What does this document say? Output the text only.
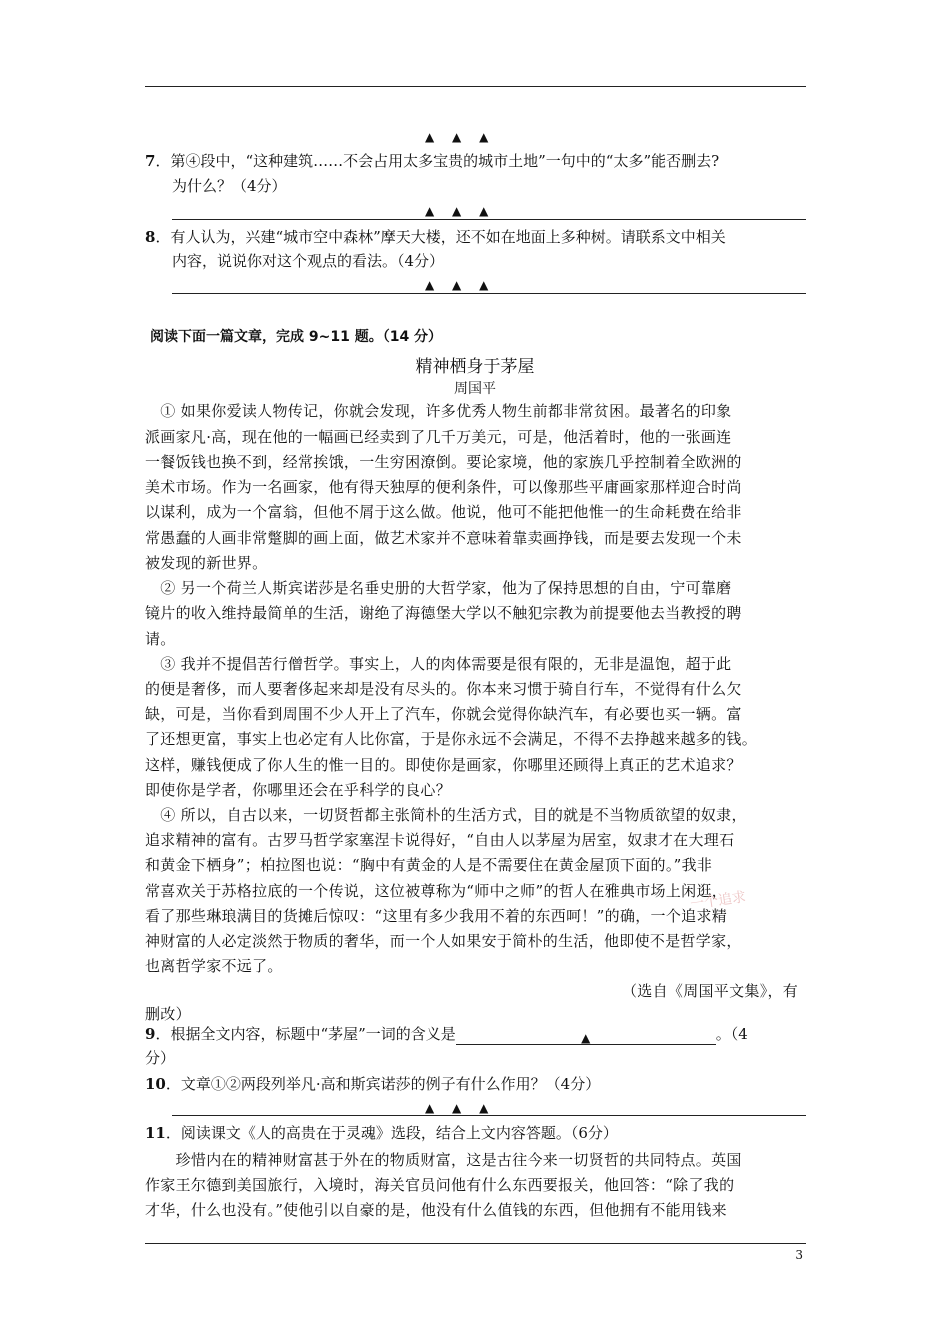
▲ ▲ ▲
7．第④段中，“这种建筑……不会占用太多宝贵的城市土地”一句中的“太多”能否删去?
为什么？（4分）
▲ ▲ ▲
8．有人认为，兴建“城市空中森林”摩天大楼，还不如在地面上多种树。请联系文中相关
内容，说说你对这个观点的看法。（4分）
▲ ▲ ▲
阅读下面一篇文章，完成 9~11 题。（14 分）
精神栖身于茅屋
周国平
　① 如果你爱读人物传记，你就会发现，许多优秀人物生前都非常贫困。最著名的印象
派画家凡·高，现在他的一幅画已经卖到了几千万美元，可是，他活着时，他的一张画连
一餐饭钱也换不到，经常挨饿，一生穷困潦倒。要论家境，他的家族几乎控制着全欧洲的
美术市场。作为一名画家，他有得天独厚的便利条件，可以像那些平庸画家那样迎合时尚
以谋利，成为一个富翁，但他不屑于这么做。他说，他可不能把他惟一的生命耗费在给非
常愚蠢的人画非常蹩脚的画上面，做艺术家并不意味着靠卖画挣钱，而是要去发现一个未
被发现的新世界。
　② 另一个荷兰人斯宾诺莎是名垂史册的大哲学家，他为了保持思想的自由，宁可靠磨
镜片的收入维持最简单的生活，谢绝了海德堡大学以不触犯宗教为前提要他去当教授的聘
请。
　③ 我并不提倡苦行僧哲学。事实上，人的肉体需要是很有限的，无非是温饱，超于此
的便是奢侈，而人要奢侈起来却是没有尽头的。你本来习惯于骑自行车，不觉得有什么欠
缺，可是，当你看到周围不少人开上了汽车，你就会觉得你缺汽车，有必要也买一辆。富
了还想更富，事实上也必定有人比你富，于是你永远不会满足，不得不去挣越来越多的钱。
这样，赚钱便成了你人生的惟一目的。即使你是画家，你哪里还顾得上真正的艺术追求？
即使你是学者，你哪里还会在乎科学的良心？
　④ 所以，自古以来，一切贤哲都主张简朴的生活方式，目的就是不当物质欲望的奴隶，
追求精神的富有。古罗马哲学家塞涅卡说得好，“自由人以茅屋为居室，奴隶才在大理石
和黄金下栖身”；柏拉图也说：“胸中有黄金的人是不需要住在黄金屋顶下面的。”我非
常喜欢关于苏格拉底的一个传说，这位被尊称为“师中之师”的哲人在雅典市场上闲逛，
看了那些琳琅满目的货摊后惊叹：“这里有多少我用不着的东西呵！”的确，一个追求精
神财富的人必定淡然于物质的奢华，而一个人如果安于简朴的生活，他即使不是哲学家，
也离哲学家不远了。
一个追求
（选自《周国平文集》，有
删改）
9．根据全文内容，标题中“茅屋”一词的含义是	▲	。（4
分）
10．文章①②两段列举凡·高和斯宾诺莎的例子有什么作用？（4分）
▲ ▲ ▲
11．阅读课文《人的高贵在于灵魂》选段，结合上文内容答题。（6分）
　　珍惜内在的精神财富甚于外在的物质财富，这是古往今来一切贤哲的共同特点。英国
作家王尔德到美国旅行，入境时，海关官员问他有什么东西要报关，他回答：“除了我的
才华，什么也没有。”使他引以自豪的是，他没有什么值钱的东西，但他拥有不能用钱来
3
